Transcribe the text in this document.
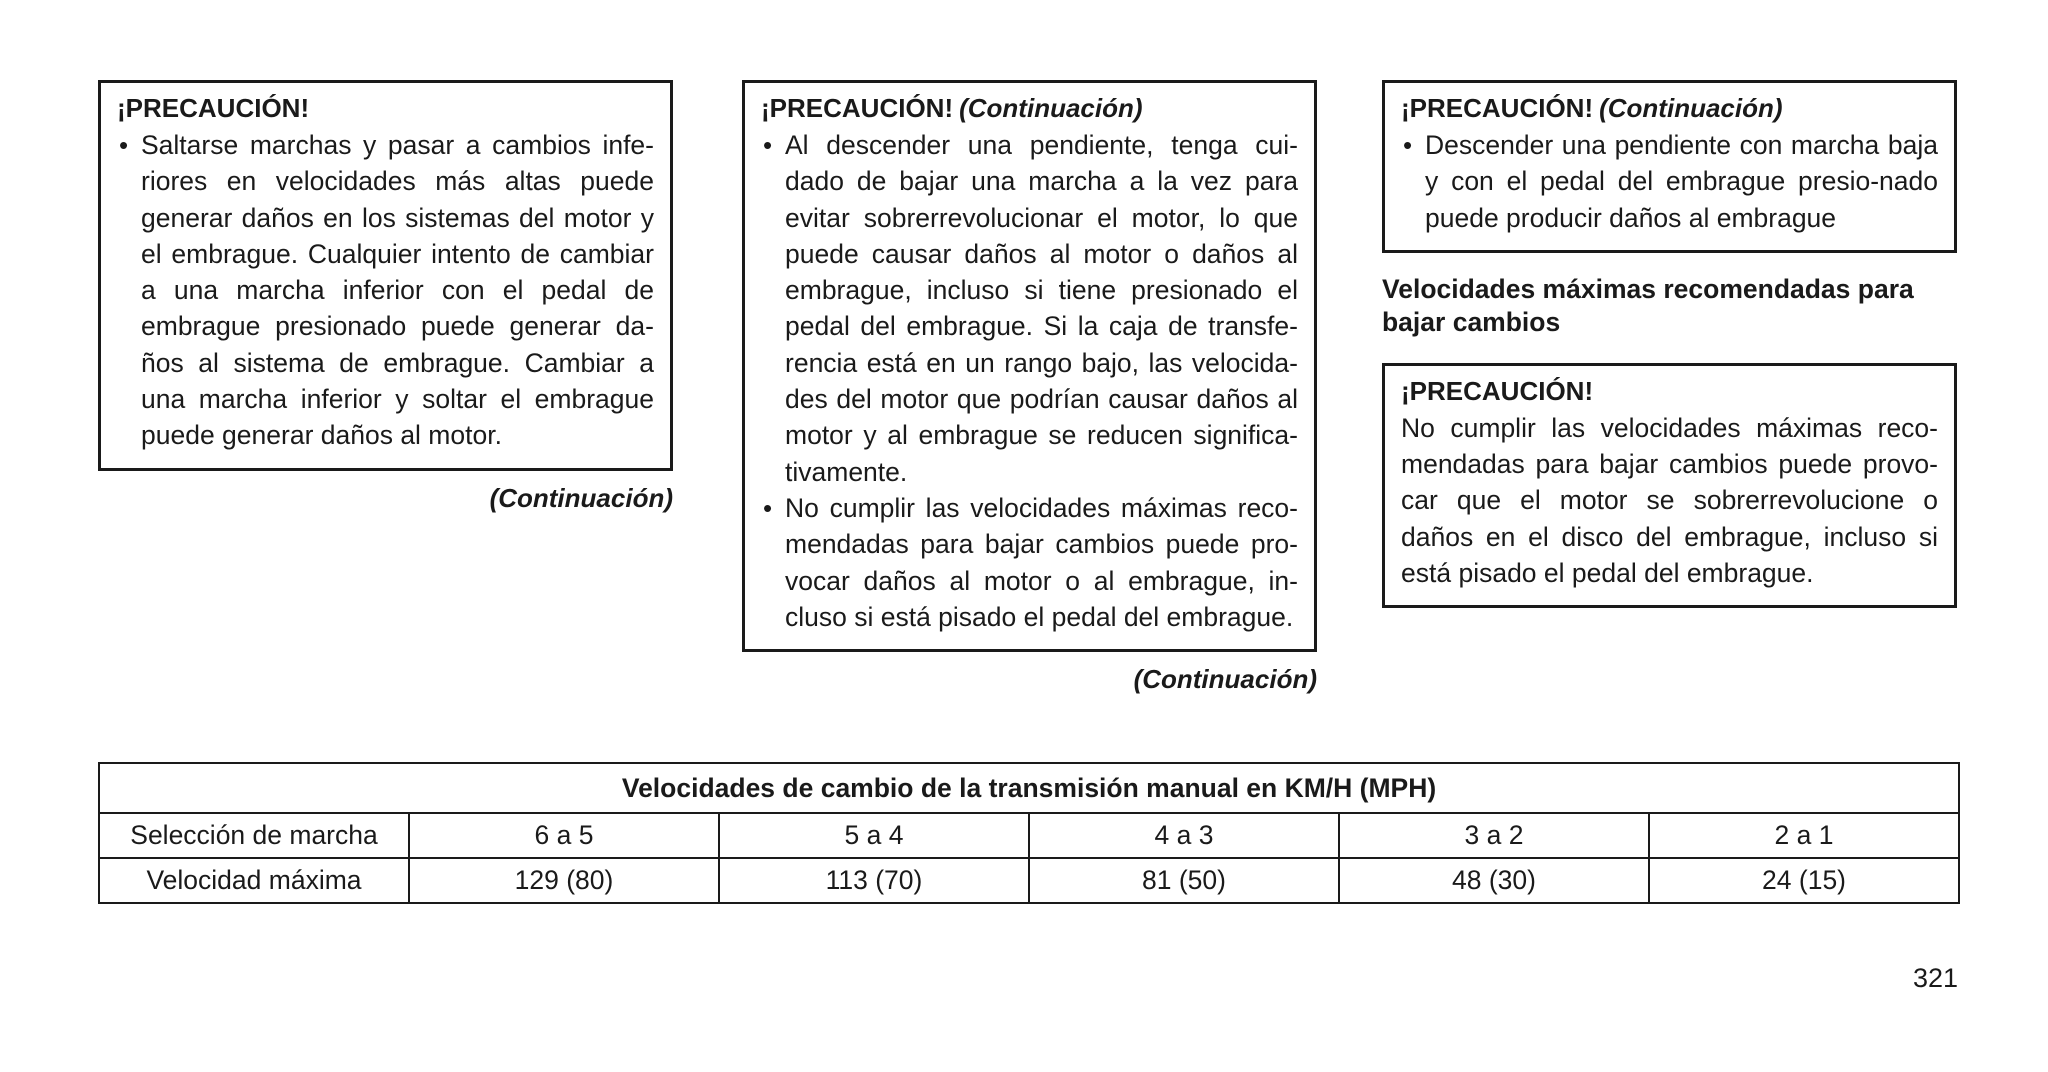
¡PRECAUCIÓN!
• Saltarse marchas y pasar a cambios infe-riores en velocidades más altas puede generar daños en los sistemas del motor y el embrague. Cualquier intento de cambiar a una marcha inferior con el pedal de embrague presionado puede generar da-ños al sistema de embrague. Cambiar a una marcha inferior y soltar el embrague puede generar daños al motor.
(Continuación)
¡PRECAUCIÓN! (Continuación)
• Al descender una pendiente, tenga cui-dado de bajar una marcha a la vez para evitar sobrerrevolucionar el motor, lo que puede causar daños al motor o daños al embrague, incluso si tiene presionado el pedal del embrague. Si la caja de transfe-rencia está en un rango bajo, las velocida-des del motor que podrían causar daños al motor y al embrague se reducen significa-tivamente.
• No cumplir las velocidades máximas reco-mendadas para bajar cambios puede pro-vocar daños al motor o al embrague, in-cluso si está pisado el pedal del embrague.
(Continuación)
¡PRECAUCIÓN! (Continuación)
• Descender una pendiente con marcha baja y con el pedal del embrague presio-nado puede producir daños al embrague
Velocidades máximas recomendadas para bajar cambios
¡PRECAUCIÓN!

No cumplir las velocidades máximas reco-mendadas para bajar cambios puede provo-car que el motor se sobrerrevolucione o daños en el disco del embrague, incluso si está pisado el pedal del embrague.

Velocidades de cambio de la transmisión manual en KM/H (MPH)					
Selección de marcha	6 a 5	5 a 4	4 a 3	3 a 2	2 a 1
Velocidad máxima	129 (80)	113 (70)	81 (50)	48 (30)	24 (15)
321
